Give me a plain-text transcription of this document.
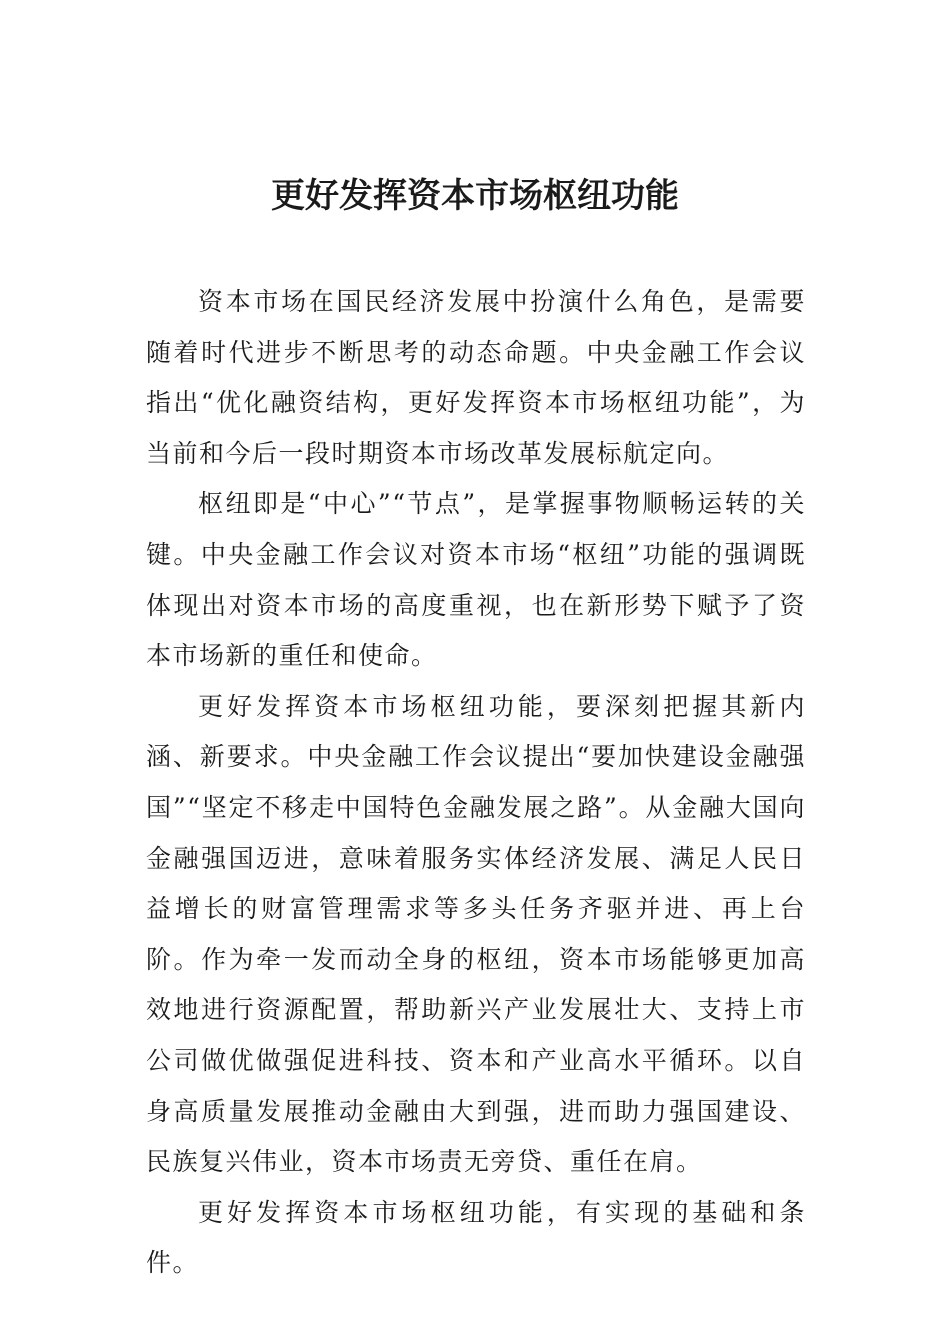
更好发挥资本市场枢纽功能

资本市场在国民经济发展中扮演什么角色，是需要随着时代进步不断思考的动态命题。中央金融工作会议指出“优化融资结构，更好发挥资本市场枢纽功能”，为当前和今后一段时期资本市场改革发展标航定向。

枢纽即是“中心”“节点”，是掌握事物顺畅运转的关键。中央金融工作会议对资本市场“枢纽”功能的强调既体现出对资本市场的高度重视，也在新形势下赋予了资本市场新的重任和使命。

更好发挥资本市场枢纽功能，要深刻把握其新内涵、新要求。中央金融工作会议提出“要加快建设金融强国”“坚定不移走中国特色金融发展之路”。从金融大国向金融强国迈进，意味着服务实体经济发展、满足人民日益增长的财富管理需求等多头任务齐驱并进、再上台阶。作为牵一发而动全身的枢纽，资本市场能够更加高效地进行资源配置，帮助新兴产业发展壮大、支持上市公司做优做强促进科技、资本和产业高水平循环。以自身高质量发展推动金融由大到强，进而助力强国建设、民族复兴伟业，资本市场责无旁贷、重任在肩。

更好发挥资本市场枢纽功能，有实现的基础和条件。
